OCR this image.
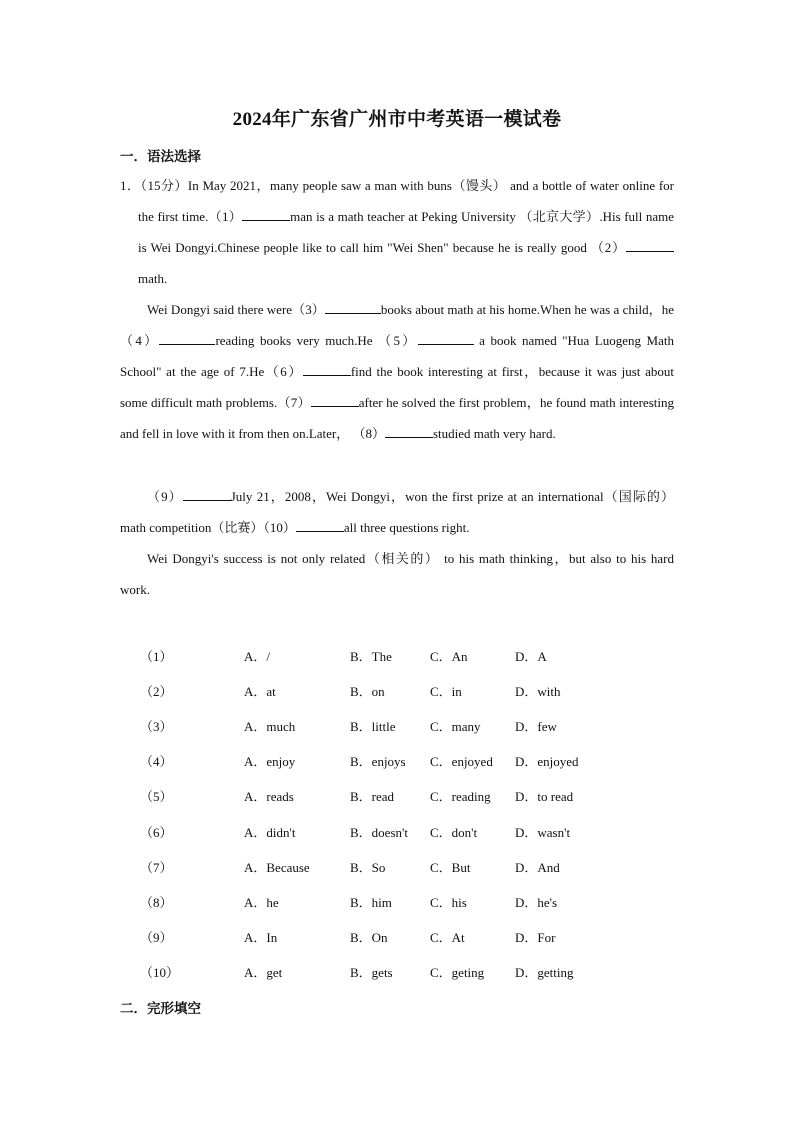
2024年广东省广州市中考英语一模试卷
一．语法选择
1．（15分）In May 2021，many people saw a man with buns（馒头） and a bottle of water online for the first time.（1）	man is a math teacher at Peking University （北京大学）.His full name is Wei Dongyi.Chinese people like to call him "Wei Shen" because he is really good （2）math.
Wei Dongyi said there were（3）	books about math at his home.When he was a child，he （4）	reading books very much.He （5）	a book named "Hua Luogeng Math School" at the age of 7.He（6）	find the book interesting at first，because it was just about some difficult math problems.（7）	after he solved the first problem，he found math interesting and fell in love with it from then on.Later， （8）	studied math very hard.
（9）	July 21，2008，Wei Dongyi，won the first prize at an international（国际的）math competition（比赛）（10）	all three questions right.
Wei Dongyi's success is not only related（相关的） to his math thinking，but also to his hard work.
（1）	A．/	B．The	C．An	D．A
（2）	A．at	B．on	C．in	D．with
（3）	A．much	B．little	C．many	D．few
（4）	A．enjoy	B．enjoys	C．enjoyed	D．enjoyed
（5）	A．reads	B．read	C．reading	D．to read
（6）	A．didn't	B．doesn't	C．don't	D．wasn't
（7）	A．Because	B．So	C．But	D．And
（8）	A．he	B．him	C．his	D．he's
（9）	A．In	B．On	C．At	D．For
（10）	A．get	B．gets	C．geting	D．getting
二．完形填空
